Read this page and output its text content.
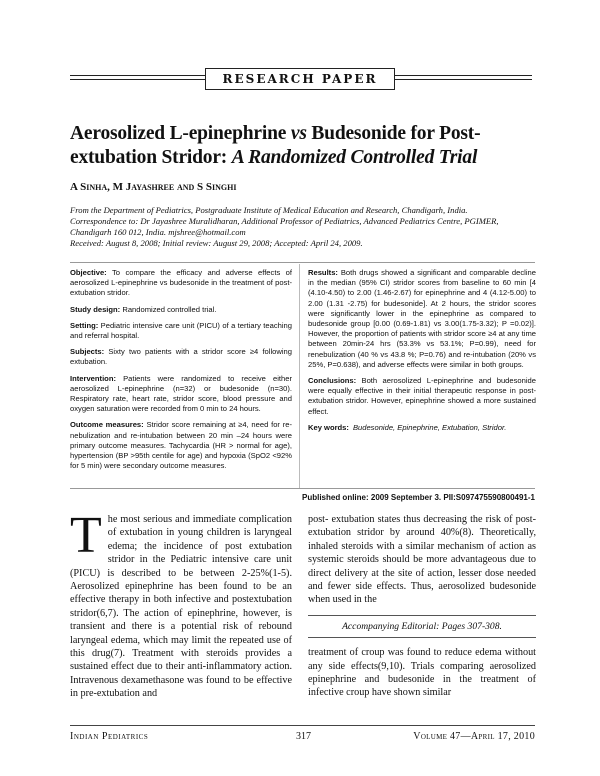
RESEARCH PAPER
Aerosolized L-epinephrine vs Budesonide for Post-extubation Stridor: A Randomized Controlled Trial
A Sinha, M Jayashree and S Singhi

From the Department of Pediatrics, Postgraduate Institute of Medical Education and Research, Chandigarh, India.

Correspondence to: Dr Jayashree Muralidharan, Additional Professor of Pediatrics, Advanced Pediatrics Centre, PGIMER, Chandigarh 160 012, India. mjshree@hotmail.com

Received: August 8, 2008; Initial review: August 29, 2008; Accepted: April 24, 2009.

Objective: To compare the efficacy and adverse effects of aerosolized L-epinephrine vs budesonide in the treatment of post-extubation stridor.

Study design: Randomized controlled trial.

Setting: Pediatric intensive care unit (PICU) of a tertiary teaching and referral hospital.

Subjects: Sixty two patients with a stridor score ≥4 following extubation.

Intervention: Patients were randomized to receive either aerosolized L-epinephrine (n=32) or budesonide (n=30). Respiratory rate, heart rate, stridor score, blood pressure and oxygen saturation were recorded from 0 min to 24 hours.

Outcome measures: Stridor score remaining at ≥4, need for re-nebulization and re-intubation between 20 min –24 hours were primary outcome measures. Tachycardia (HR > normal for age), hypertension (BP >95th centile for age) and hypoxia (SpO2 <92% for 5 min) were secondary outcome measures.

Results: Both drugs showed a significant and comparable decline in the median (95% CI) stridor scores from baseline to 60 min [4 (4.10-4.50) to 2.00 (1.46-2.67) for epinephrine and 4 (4.12-5.00) to 2.00 (1.31 -2.75) for budesonide]. At 2 hours, the stridor scores were significantly lower in the epinephrine as compared to budesonide group [0.00 (0.69-1.81) vs 3.00(1.75-3.32); P =0.02)]. However, the proportion of patients with stridor score ≥4 at any time between 20min-24 hrs (53.3% vs 53.1%; P=0.99), need for renebulization (40 % vs 43.8 %; P=0.76) and re-intubation (20% vs 25%, P=0.638), and adverse effects were similar in both groups.

Conclusions: Both aerosolized L-epinephrine and budesonide were equally effective in their initial therapeutic response in post-extubation stridor. However, epinephrine showed a more sustained effect.

Key words: Budesonide, Epinephrine, Extubation, Stridor.
Published online: 2009 September 3. PII:S097475590800491-1
The most serious and immediate complication of extubation in young children is laryngeal edema; the incidence of post extubation stridor in the Pediatric intensive care unit (PICU) is described to be between 2-25%(1-5). Aerosolized epinephrine has been found to be an effective therapy in both infective and postextubation stridor(6,7). The action of epinephrine, however, is transient and there is a potential risk of rebound laryngeal edema, which may limit the repeated use of this drug(7). Treatment with steroids provides a sustained effect due to their anti-inflammatory action. Intravenous dexamethasone was found to be effective in pre-extubation and
post- extubation states thus decreasing the risk of post-extubation stridor by around 40%(8). Theoretically, inhaled steroids with a similar mechanism of action as systemic steroids should be more advantageous due to direct delivery at the site of action, lesser dose needed and fewer side effects. Thus, aerosolized budesonide when used in the
Accompanying Editorial: Pages 307-308.
treatment of croup was found to reduce edema without any side effects(9,10). Trials comparing aerosolized epinephrine and budesonide in the treatment of infective croup have shown similar
Indian Pediatrics	317	Volume 47—April 17, 2010
